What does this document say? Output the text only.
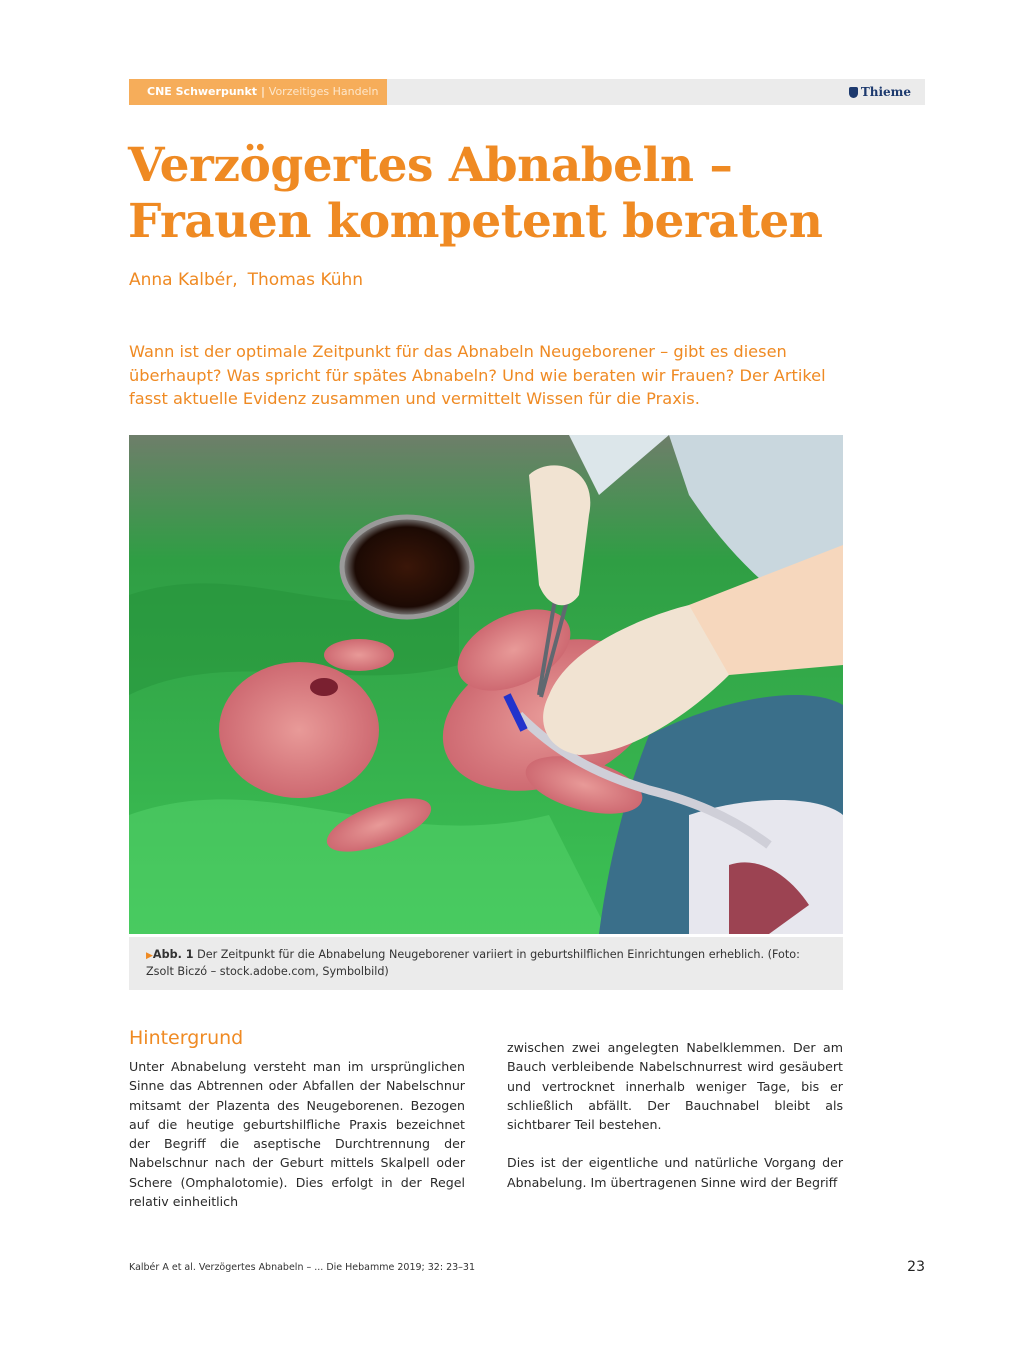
CNE Schwerpunkt | Vorzeitiges Handeln	Thieme
Verzögertes Abnabeln –
Frauen kompetent beraten
Anna Kalbér, Thomas Kühn
Wann ist der optimale Zeitpunkt für das Abnabeln Neugeborener – gibt es diesen überhaupt? Was spricht für spätes Abnabeln? Und wie beraten wir Frauen? Der Artikel fasst aktuelle Evidenz zusammen und vermittelt Wissen für die Praxis.
▶Abb. 1 Der Zeitpunkt für die Abnabelung Neugeborener variiert in geburtshilflichen Einrichtungen erheblich. (Foto: Zsolt Biczó – stock.adobe.com, Symbolbild)
Hintergrund

Unter Abnabelung versteht man im ursprünglichen Sinne das Abtrennen oder Abfallen der Nabelschnur mitsamt der Plazenta des Neugeborenen. Bezogen auf die heutige geburtshilfliche Praxis bezeichnet der Begriff die aseptische Durchtrennung der Nabelschnur nach der Geburt mittels Skalpell oder Schere (Omphalotomie). Dies erfolgt in der Regel relativ einheitlich

zwischen zwei angelegten Nabelklemmen. Der am Bauch verbleibende Nabelschnurrest wird gesäubert und vertrocknet innerhalb weniger Tage, bis er schließlich abfällt. Der Bauchnabel bleibt als sichtbarer Teil bestehen.

Dies ist der eigentliche und natürliche Vorgang der Abnabelung. Im übertragenen Sinne wird der Begriff

Kalbér A et al. Verzögertes Abnabeln – ... Die Hebamme 2019; 32: 23–31	23
